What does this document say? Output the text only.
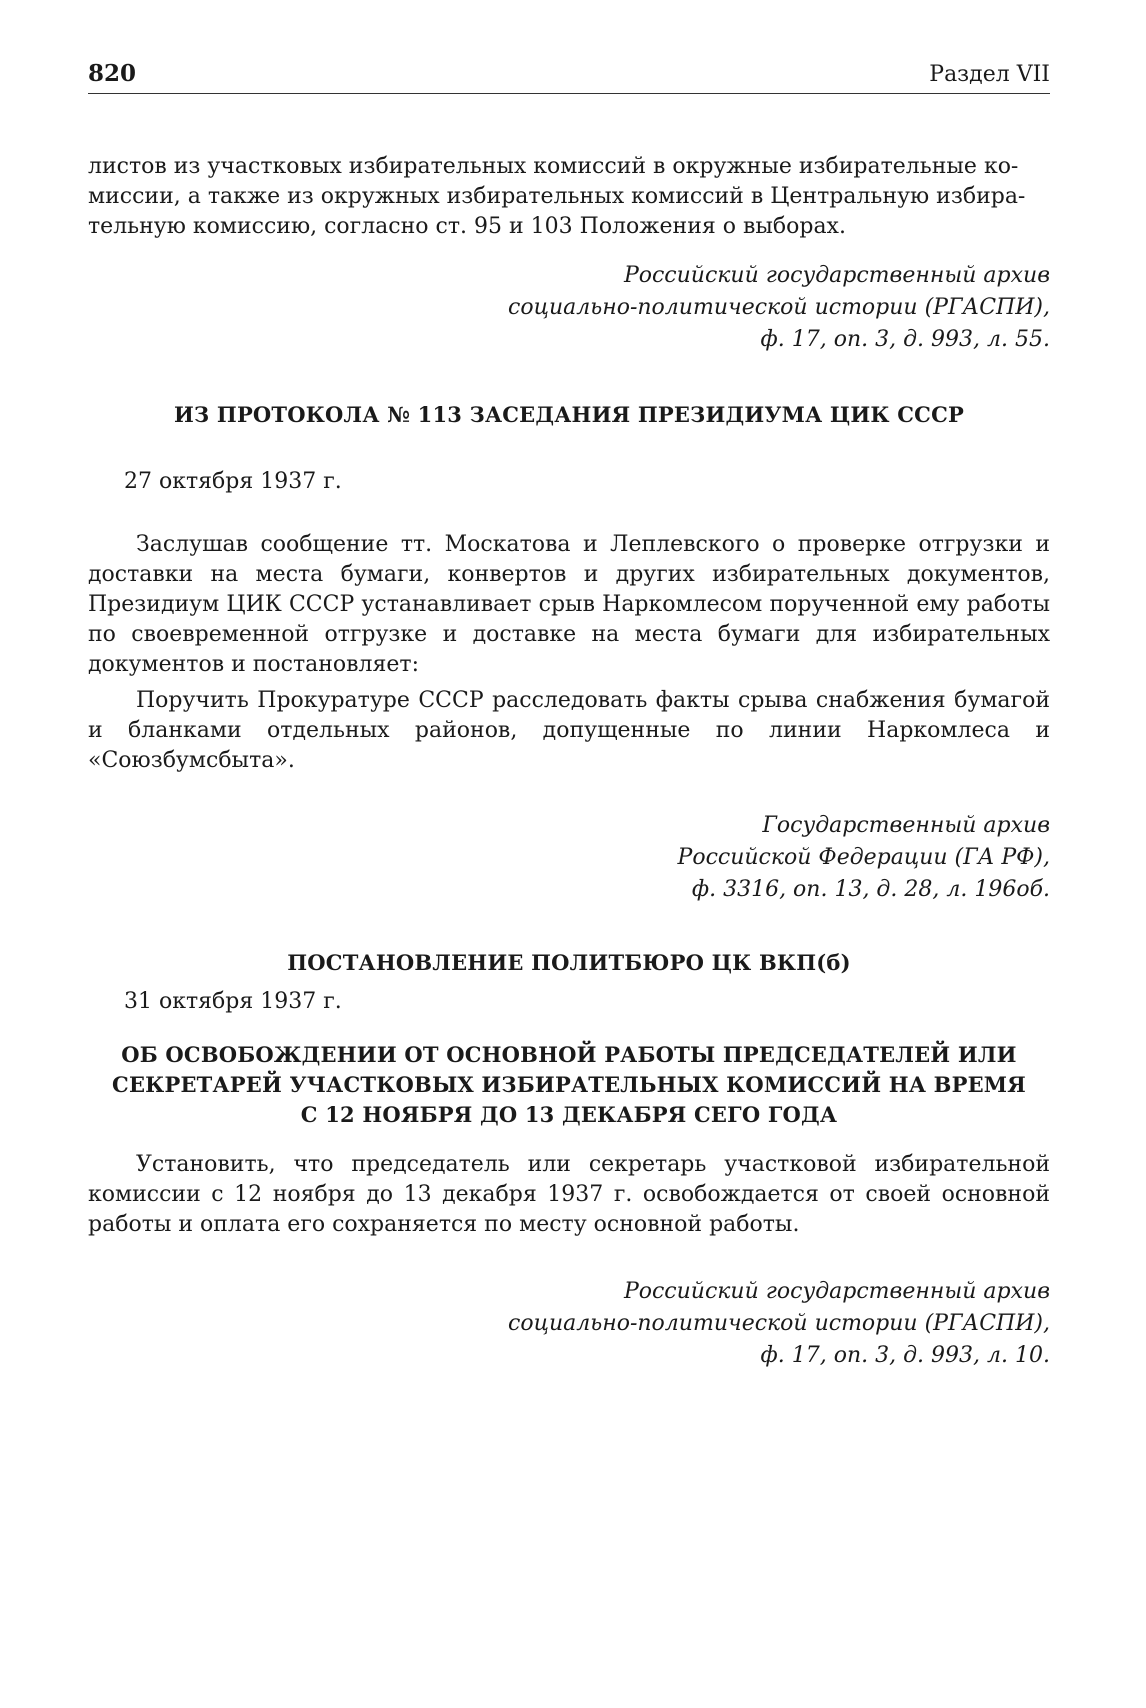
820	Раздел VII
листов из участковых избирательных комиссий в окружные избирательные ко-
миссии, а также из окружных избирательных комиссий в Центральную избира-
тельную комиссию, согласно ст. 95 и 103 Положения о выборах.
Российский государственный архив
социально-политической истории (РГАСПИ),
ф. 17, оп. 3, д. 993, л. 55.

ИЗ ПРОТОКОЛА № 113 ЗАСЕДАНИЯ ПРЕЗИДИУМА ЦИК СССР

27 октября 1937 г.

Заслушав сообщение тт. Москатова и Леплевского о проверке отгрузки и доставки на места бумаги, конвертов и других избирательных документов, Президиум ЦИК СССР устанавливает срыв Наркомлесом порученной ему работы по своевременной отгрузке и доставке на места бумаги для избирательных документов и постановляет:

Поручить Прокуратуре СССР расследовать факты срыва снабжения бумагой и бланками отдельных районов, допущенные по линии Наркомлеса и «Союзбумсбыта».

Государственный архив
Российской Федерации (ГА РФ),
ф. 3316, оп. 13, д. 28, л. 196об.

ПОСТАНОВЛЕНИЕ ПОЛИТБЮРО ЦК ВКП(б)

31 октября 1937 г.

ОБ ОСВОБОЖДЕНИИ ОТ ОСНОВНОЙ РАБОТЫ ПРЕДСЕДАТЕЛЕЙ ИЛИ
СЕКРЕТАРЕЙ УЧАСТКОВЫХ ИЗБИРАТЕЛЬНЫХ КОМИССИЙ НА ВРЕМЯ
С 12 НОЯБРЯ ДО 13 ДЕКАБРЯ СЕГО ГОДА

Установить, что председатель или секретарь участковой избирательной комиссии с 12 ноября до 13 декабря 1937 г. освобождается от своей основной работы и оплата его сохраняется по месту основной работы.

Российский государственный архив
социально-политической истории (РГАСПИ),
ф. 17, оп. 3, д. 993, л. 10.
